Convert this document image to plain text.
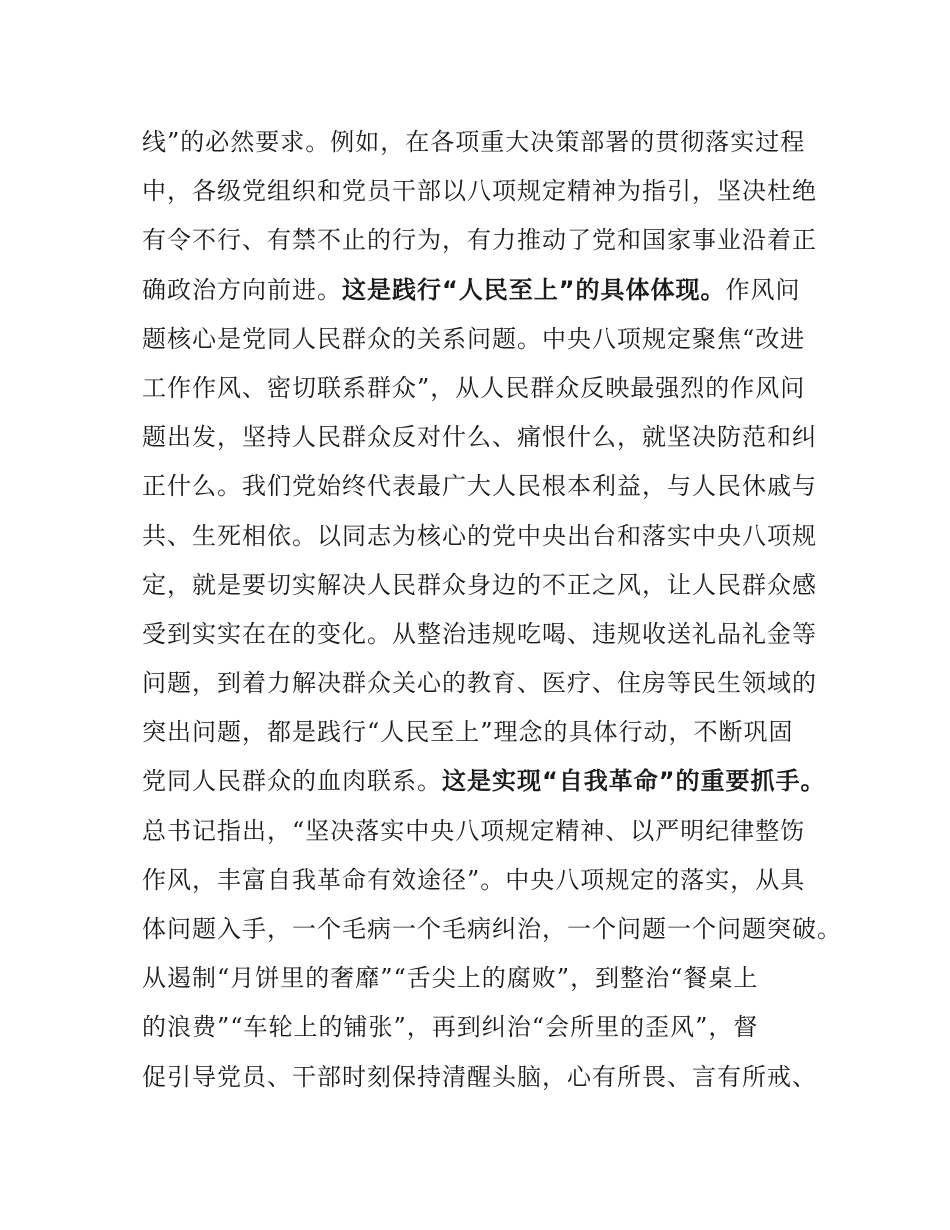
线”的必然要求。例如，在各项重大决策部署的贯彻落实过程
中，各级党组织和党员干部以八项规定精神为指引，坚决杜绝
有令不行、有禁不止的行为，有力推动了党和国家事业沿着正
确政治方向前进。这是践行“人民至上”的具体体现。作风问
题核心是党同人民群众的关系问题。中央八项规定聚焦“改进
工作作风、密切联系群众”，从人民群众反映最强烈的作风问
题出发，坚持人民群众反对什么、痛恨什么，就坚决防范和纠
正什么。我们党始终代表最广大人民根本利益，与人民休戚与
共、生死相依。以同志为核心的党中央出台和落实中央八项规
定，就是要切实解决人民群众身边的不正之风，让人民群众感
受到实实在在的变化。从整治违规吃喝、违规收送礼品礼金等
问题，到着力解决群众关心的教育、医疗、住房等民生领域的
突出问题，都是践行“人民至上”理念的具体行动，不断巩固
党同人民群众的血肉联系。这是实现“自我革命”的重要抓手。
总书记指出，“坚决落实中央八项规定精神、以严明纪律整饬
作风，丰富自我革命有效途径”。中央八项规定的落实，从具
体问题入手，一个毛病一个毛病纠治，一个问题一个问题突破。
从遏制“月饼里的奢靡”“舌尖上的腐败”，到整治“餐桌上
的浪费”“车轮上的铺张”，再到纠治“会所里的歪风”，督
促引导党员、干部时刻保持清醒头脑，心有所畏、言有所戒、
